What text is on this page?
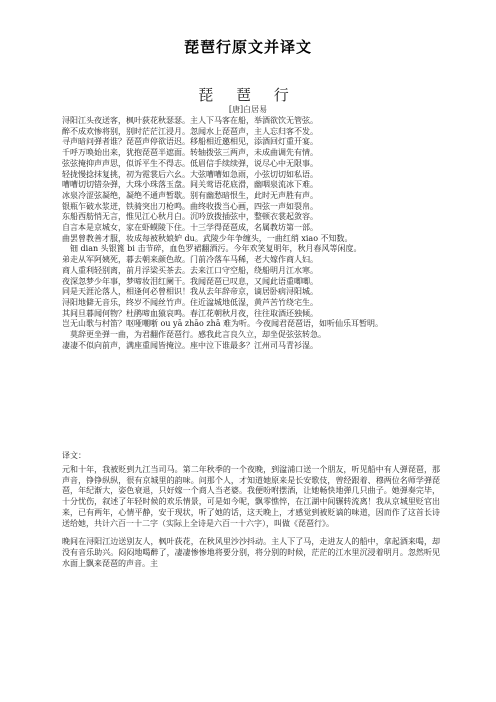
琵琶行原文并译文
琵 琶 行
[唐]白居易

浔阳江头夜送客，枫叶荻花秋瑟瑟。主人下马客在船，举酒欲饮无管弦。

醉不成欢惨将别，别时茫茫江浸月。忽闻水上琵琶声，主人忘归客不发。

寻声暗问弹者谁？琵琶声停欲语迟。移船相近邀相见，添酒回灯重开宴。

千呼万唤始出来，犹抱琵琶半遮面。转轴拨弦三两声，未成曲调先有情。

弦弦掩抑声声思，似诉平生不得志。低眉信手续续弹，说尽心中无限事。

轻拢慢捻抹复挑，初为霓裳后六幺。大弦嘈嘈如急雨，小弦切切如私语。

嘈嘈切切错杂弹，大珠小珠落玉盘。间关莺语花底滑，幽咽泉流冰下难。

冰泉冷涩弦凝绝，凝绝不通声暂歇。别有幽愁暗恨生，此时无声胜有声。

银瓶乍破水浆迸，铁骑突出刀枪鸣。曲终收拨当心画，四弦一声如裂帛。

东船西舫悄无言，惟见江心秋月白。沉吟放拨插弦中，整顿衣裳起敛容。

自言本是京城女，家在虾蟆陵下住。十三学得琵琶成，名属教坊第一部。

曲罢曾教善才服，妆成每被秋娘妒 du。武陵少年争缠头，一曲红绡 xiao 不知数。

钿 dian 头银篦 bi 击节碎，血色罗裙翻酒污。今年欢笑复明年，秋月春风等闲度。

弟走从军阿姨死，暮去朝来颜色故。门前冷落车马稀，老大嫁作商人妇。

商人重利轻别离，前月浮梁买茶去。去来江口守空船，绕船明月江水寒。

夜深忽梦少年事，梦啼妆泪红阑干。我闻琵琶已叹息，又闻此语重唧唧。

同是天涯沦落人，相逢何必曾相识！我从去年辞帝京，谪居卧病浔阳城。

浔阳地僻无音乐，终岁不闻丝竹声。住近湓城地低湿，黄芦苦竹绕宅生。

其间旦暮闻何物？杜鹃啼血猿哀鸣。春江花朝秋月夜，往往取酒还独倾。

岂无山歌与村笛？呕哑嘲哳 ou yā zhāo zhā 难为听。今夜闻君琵琶语，如听仙乐耳暂明。

莫辞更坐弹一曲，为君翻作琵琶行。感我此言良久立，却坐促弦弦转急。

凄凄不似向前声，满座重闻皆掩泣。座中泣下谁最多？江州司马青衫湿。

译文：

元和十年，我被贬到九江当司马。第二年秋季的一个夜晚，到湓浦口送一个朋友，听见船中有人弹琵琶，那声音，铮铮纵纵，很有京城里的韵味。问那个人，才知道她原来是长安歌伎，曾经跟着、穆两位名师学弹琵琶，年纪渐大，姿色衰退，只好嫁一个商人当老婆。我便吩咐摆酒，让她畅快地弹几只曲子。她弹奏完毕，十分忧伤，叙述了年轻时候的欢乐情景，可是如今呢，飘零憔悴，在江湖中间辗转流离！我从京城里贬官出来，已有两年，心情平静，安于现状，听了她的话，这天晚上，才感觉到被贬谪的味道，因而作了这首长诗送给她，共计六百一十二字（实际上全诗是六百一十六字），叫做《琵琶行》。

晚间在浔阳江边送别友人，枫叶荻花，在秋风里沙沙抖动。主人下了马，走进友人的船中，拿起酒来喝，却没有音乐助兴。闷闷地喝醉了，凄凄惨惨地将要分别，将分别的时候，茫茫的江水里沉浸着明月。忽然听见水面上飘来琵琶的声音。主
